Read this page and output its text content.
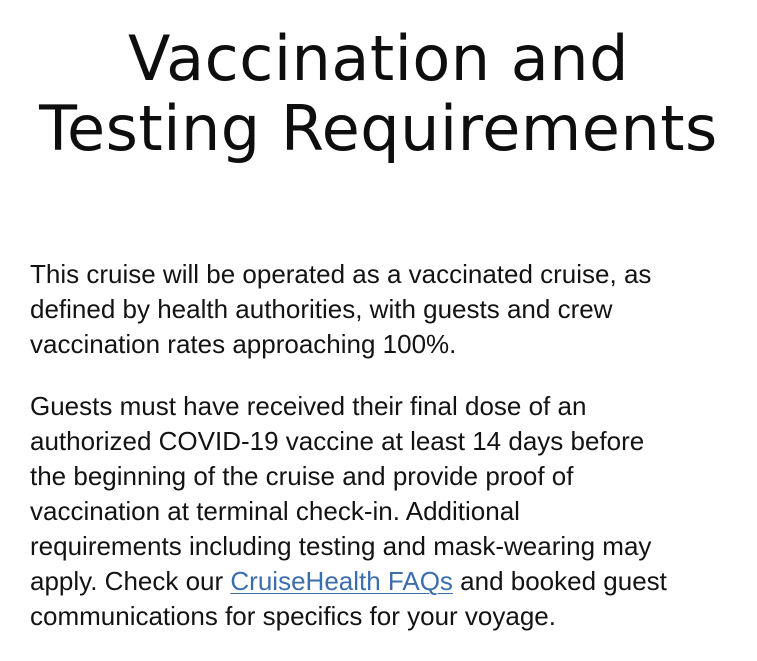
Vaccination and
Testing Requirements

This cruise will be operated as a vaccinated cruise, as
defined by health authorities, with guests and crew
vaccination rates approaching 100%.

Guests must have received their final dose of an
authorized COVID-19 vaccine at least 14 days before
the beginning of the cruise and provide proof of
vaccination at terminal check-in. Additional
requirements including testing and mask-wearing may
apply. Check our CruiseHealth FAQs and booked guest
communications for specifics for your voyage.
